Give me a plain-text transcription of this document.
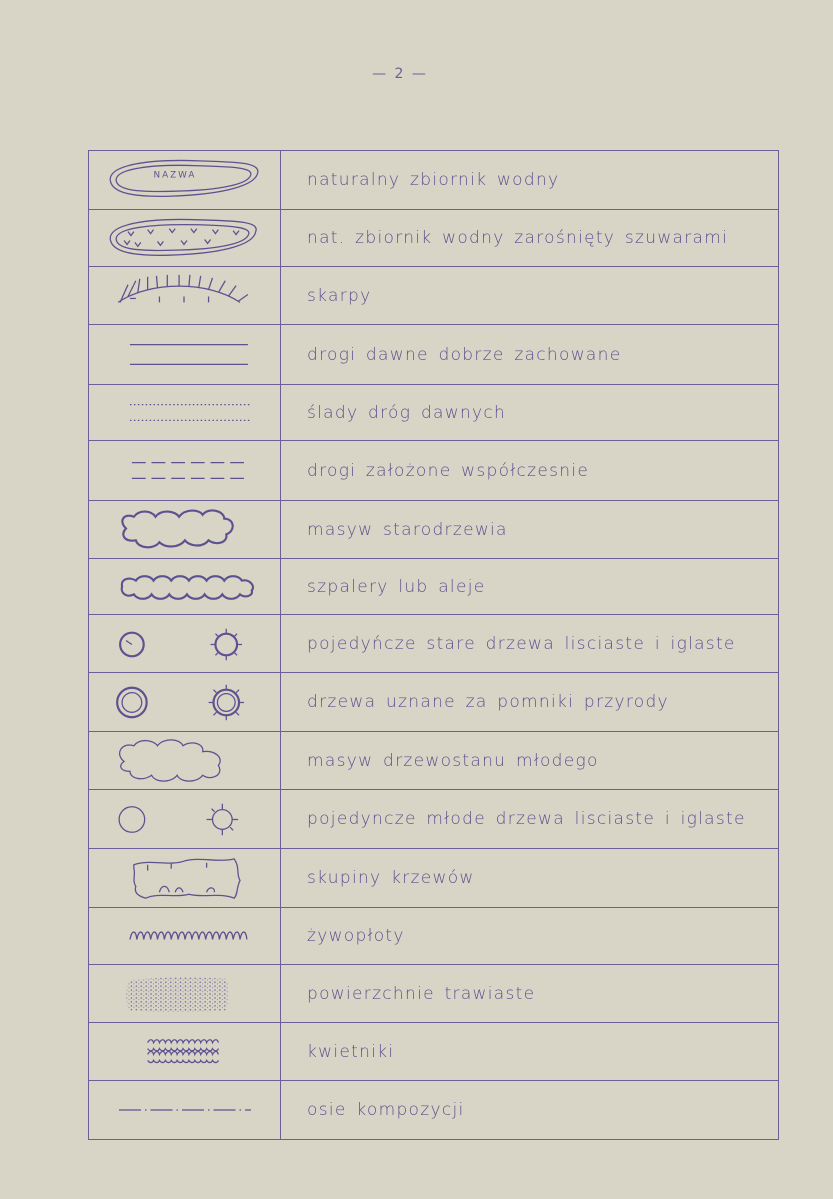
— 2 —
NAZWA	naturalny zbiornik wodny
nat. zbiornik wodny zarośnięty szuwarami
skarpy
drogi dawne dobrze zachowane
ślady dróg dawnych
drogi założone współczesnie
masyw starodrzewia
szpalery lub aleje
pojedyńcze stare drzewa lisciaste i iglaste
drzewa uznane za pomniki przyrody
masyw drzewostanu młodego
pojedyncze młode drzewa lisciaste i iglaste
skupiny krzewów
żywopłoty
powierzchnie trawiaste
kwietniki
osie kompozycji
